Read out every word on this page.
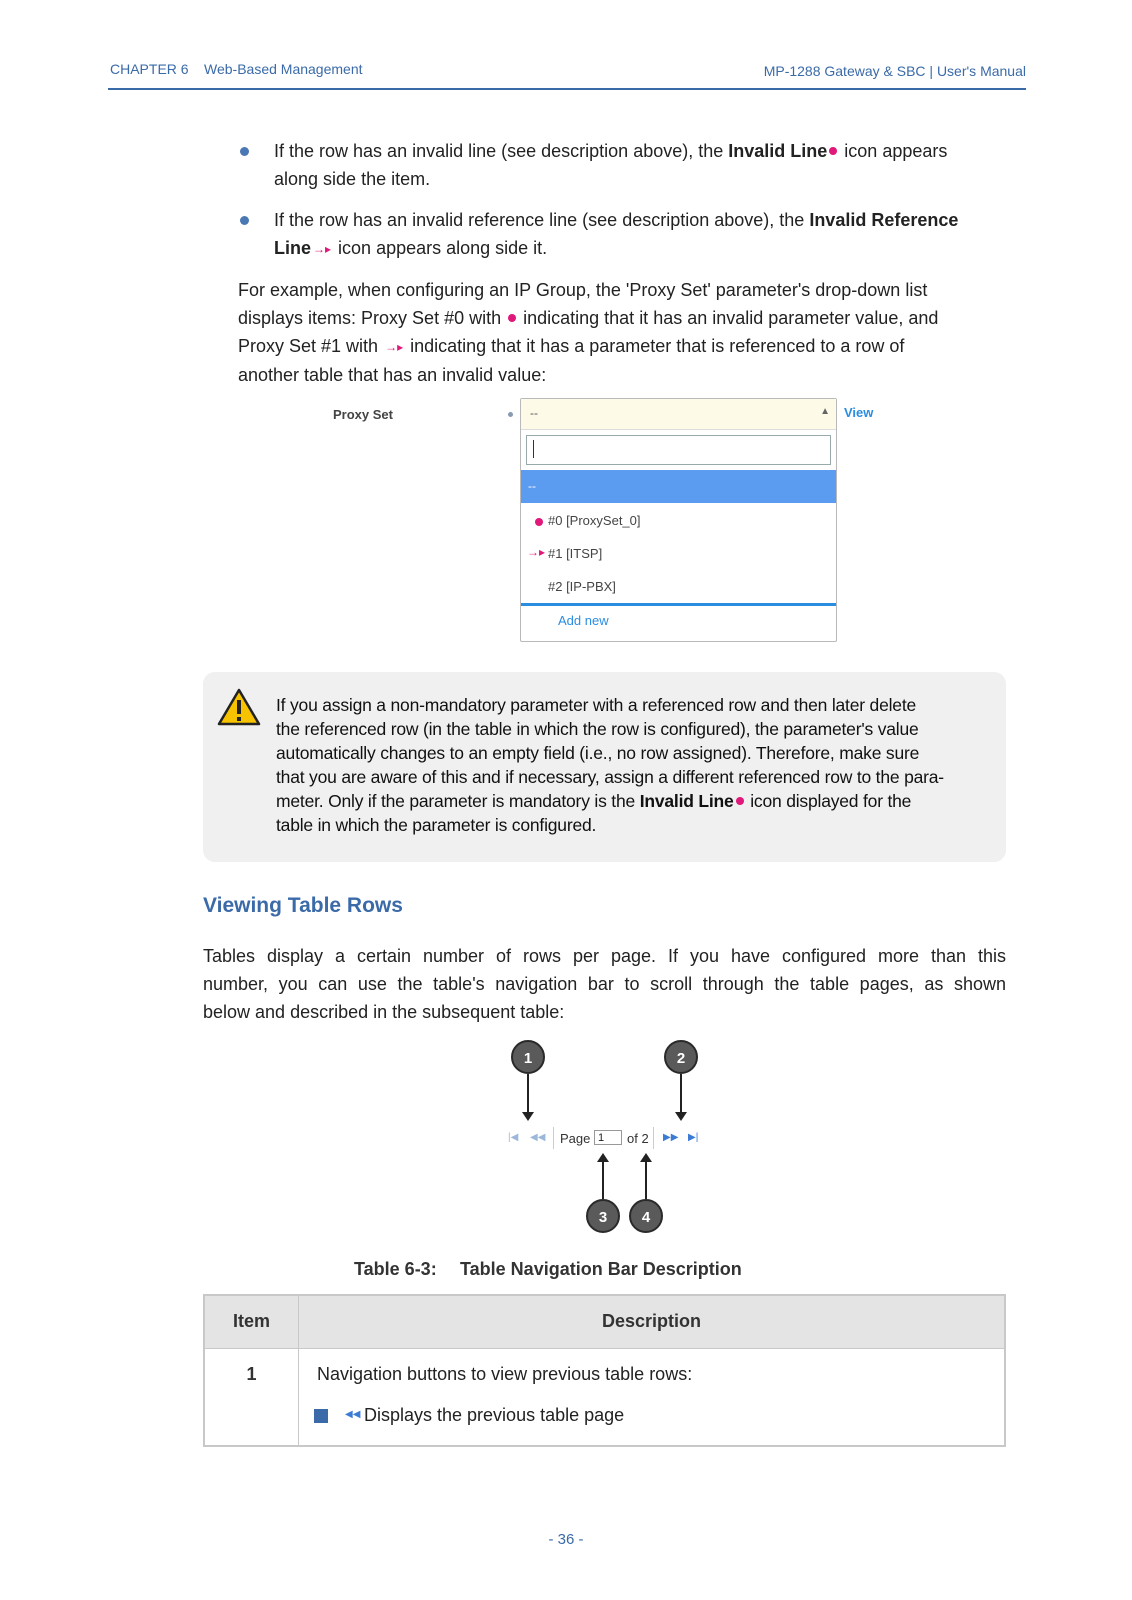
CHAPTER 6 Web-Based Management	MP-1288 Gateway & SBC | User's Manual
If the row has an invalid line (see description above), the Invalid Line icon appears
along side the item.
If the row has an invalid reference line (see description above), the Invalid Reference
Line →▸ icon appears along side it.
For example, when configuring an IP Group, the 'Proxy Set' parameter's drop-down list
displays items: Proxy Set #0 with  indicating that it has an invalid parameter value, and
Proxy Set #1 with →▸ indicating that it has a parameter that is referenced to a row of
another table that has an invalid value:
Proxy Set	--	▲
--
#0 [ProxySet_0]
→▸ #1 [ITSP]
#2 [IP-PBX]
Add new
View
If you assign a non-mandatory parameter with a referenced row and then later delete
the referenced row (in the table in which the row is configured), the parameter's value
automatically changes to an empty field (i.e., no row assigned). Therefore, make sure
that you are aware of this and if necessary, assign a different referenced row to the para-
meter. Only if the parameter is mandatory is the Invalid Line icon displayed for the
table in which the parameter is configured.
Viewing Table Rows
Tables display a certain number of rows per page. If you have configured more than this
number, you can use the table's navigation bar to scroll through the table pages, as shown
below and described in the subsequent table:
1	2
|◀ ◀◀ Page 1	of 2 ▶▶ ▶|
3	4
Table 6-3: Table Navigation Bar Description
Item	Description
1	Navigation buttons to view previous table rows:
◀◀ Displays the previous table page
- 36 -
